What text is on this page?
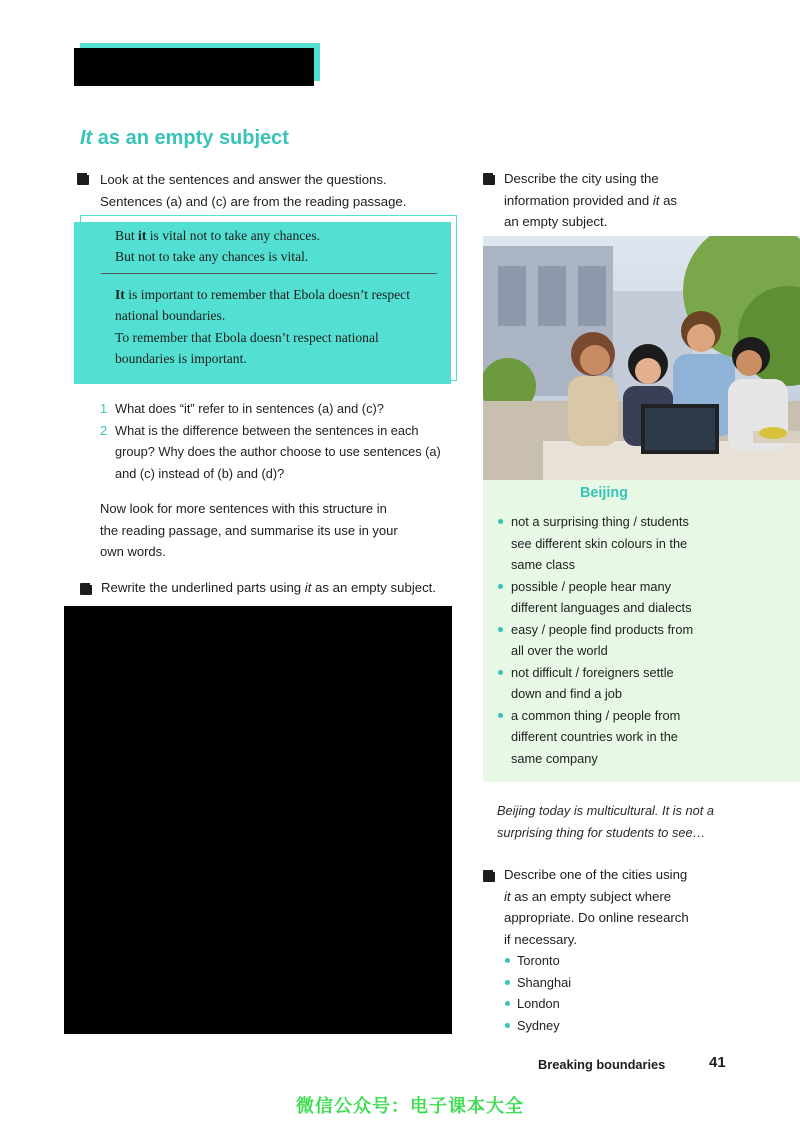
It as an empty subject
Look at the sentences and answer the questions.
Sentences (a) and (c) are from the reading passage.
But it is vital not to take any chances.
But not to take any chances is vital.
It is important to remember that Ebola doesn’t respect
national boundaries.
To remember that Ebola doesn’t respect national
boundaries is important.
1 What does “it” refer to in sentences (a) and (c)?
2 What is the difference between the sentences in each
group? Why does the author choose to use sentences (a)
and (c) instead of (b) and (d)?
Now look for more sentences with this structure in
the reading passage, and summarise its use in your
own words.
Rewrite the underlined parts using it as an empty subject.
Describe the city using the
information provided and it as
an empty subject.
Beijing
not a surprising thing / students
see different skin colours in the
same class
possible / people hear many
different languages and dialects
easy / people find products from
all over the world
not difficult / foreigners settle
down and find a job
a common thing / people from
different countries work in the
same company
Beijing today is multicultural. It is not a
surprising thing for students to see…
Describe one of the cities using
it as an empty subject where
appropriate. Do online research
if necessary.
Toronto
Shanghai
London
Sydney
Breaking boundaries	41
微信公众号：电子课本大全
